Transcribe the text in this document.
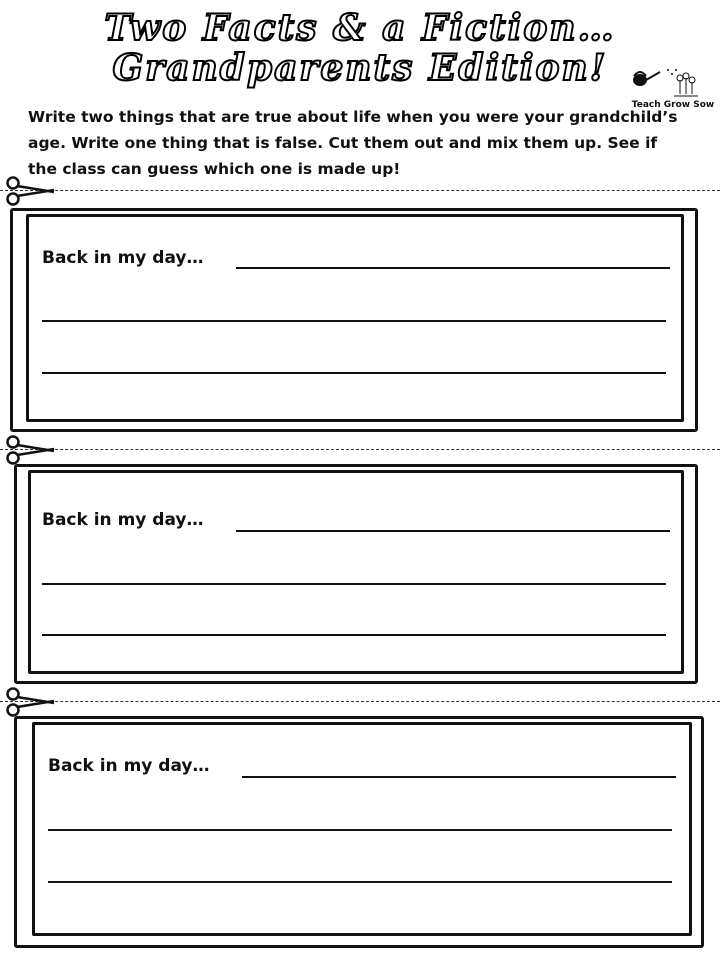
Two Facts & a Fiction…
Grandparents Edition!
Teach Grow Sow
Write two things that are true about life when you were your grandchild’s age. Write one thing that is false. Cut them out and mix them up. See if the class can guess which one is made up!
Back in my day…
Back in my day…
Back in my day…
